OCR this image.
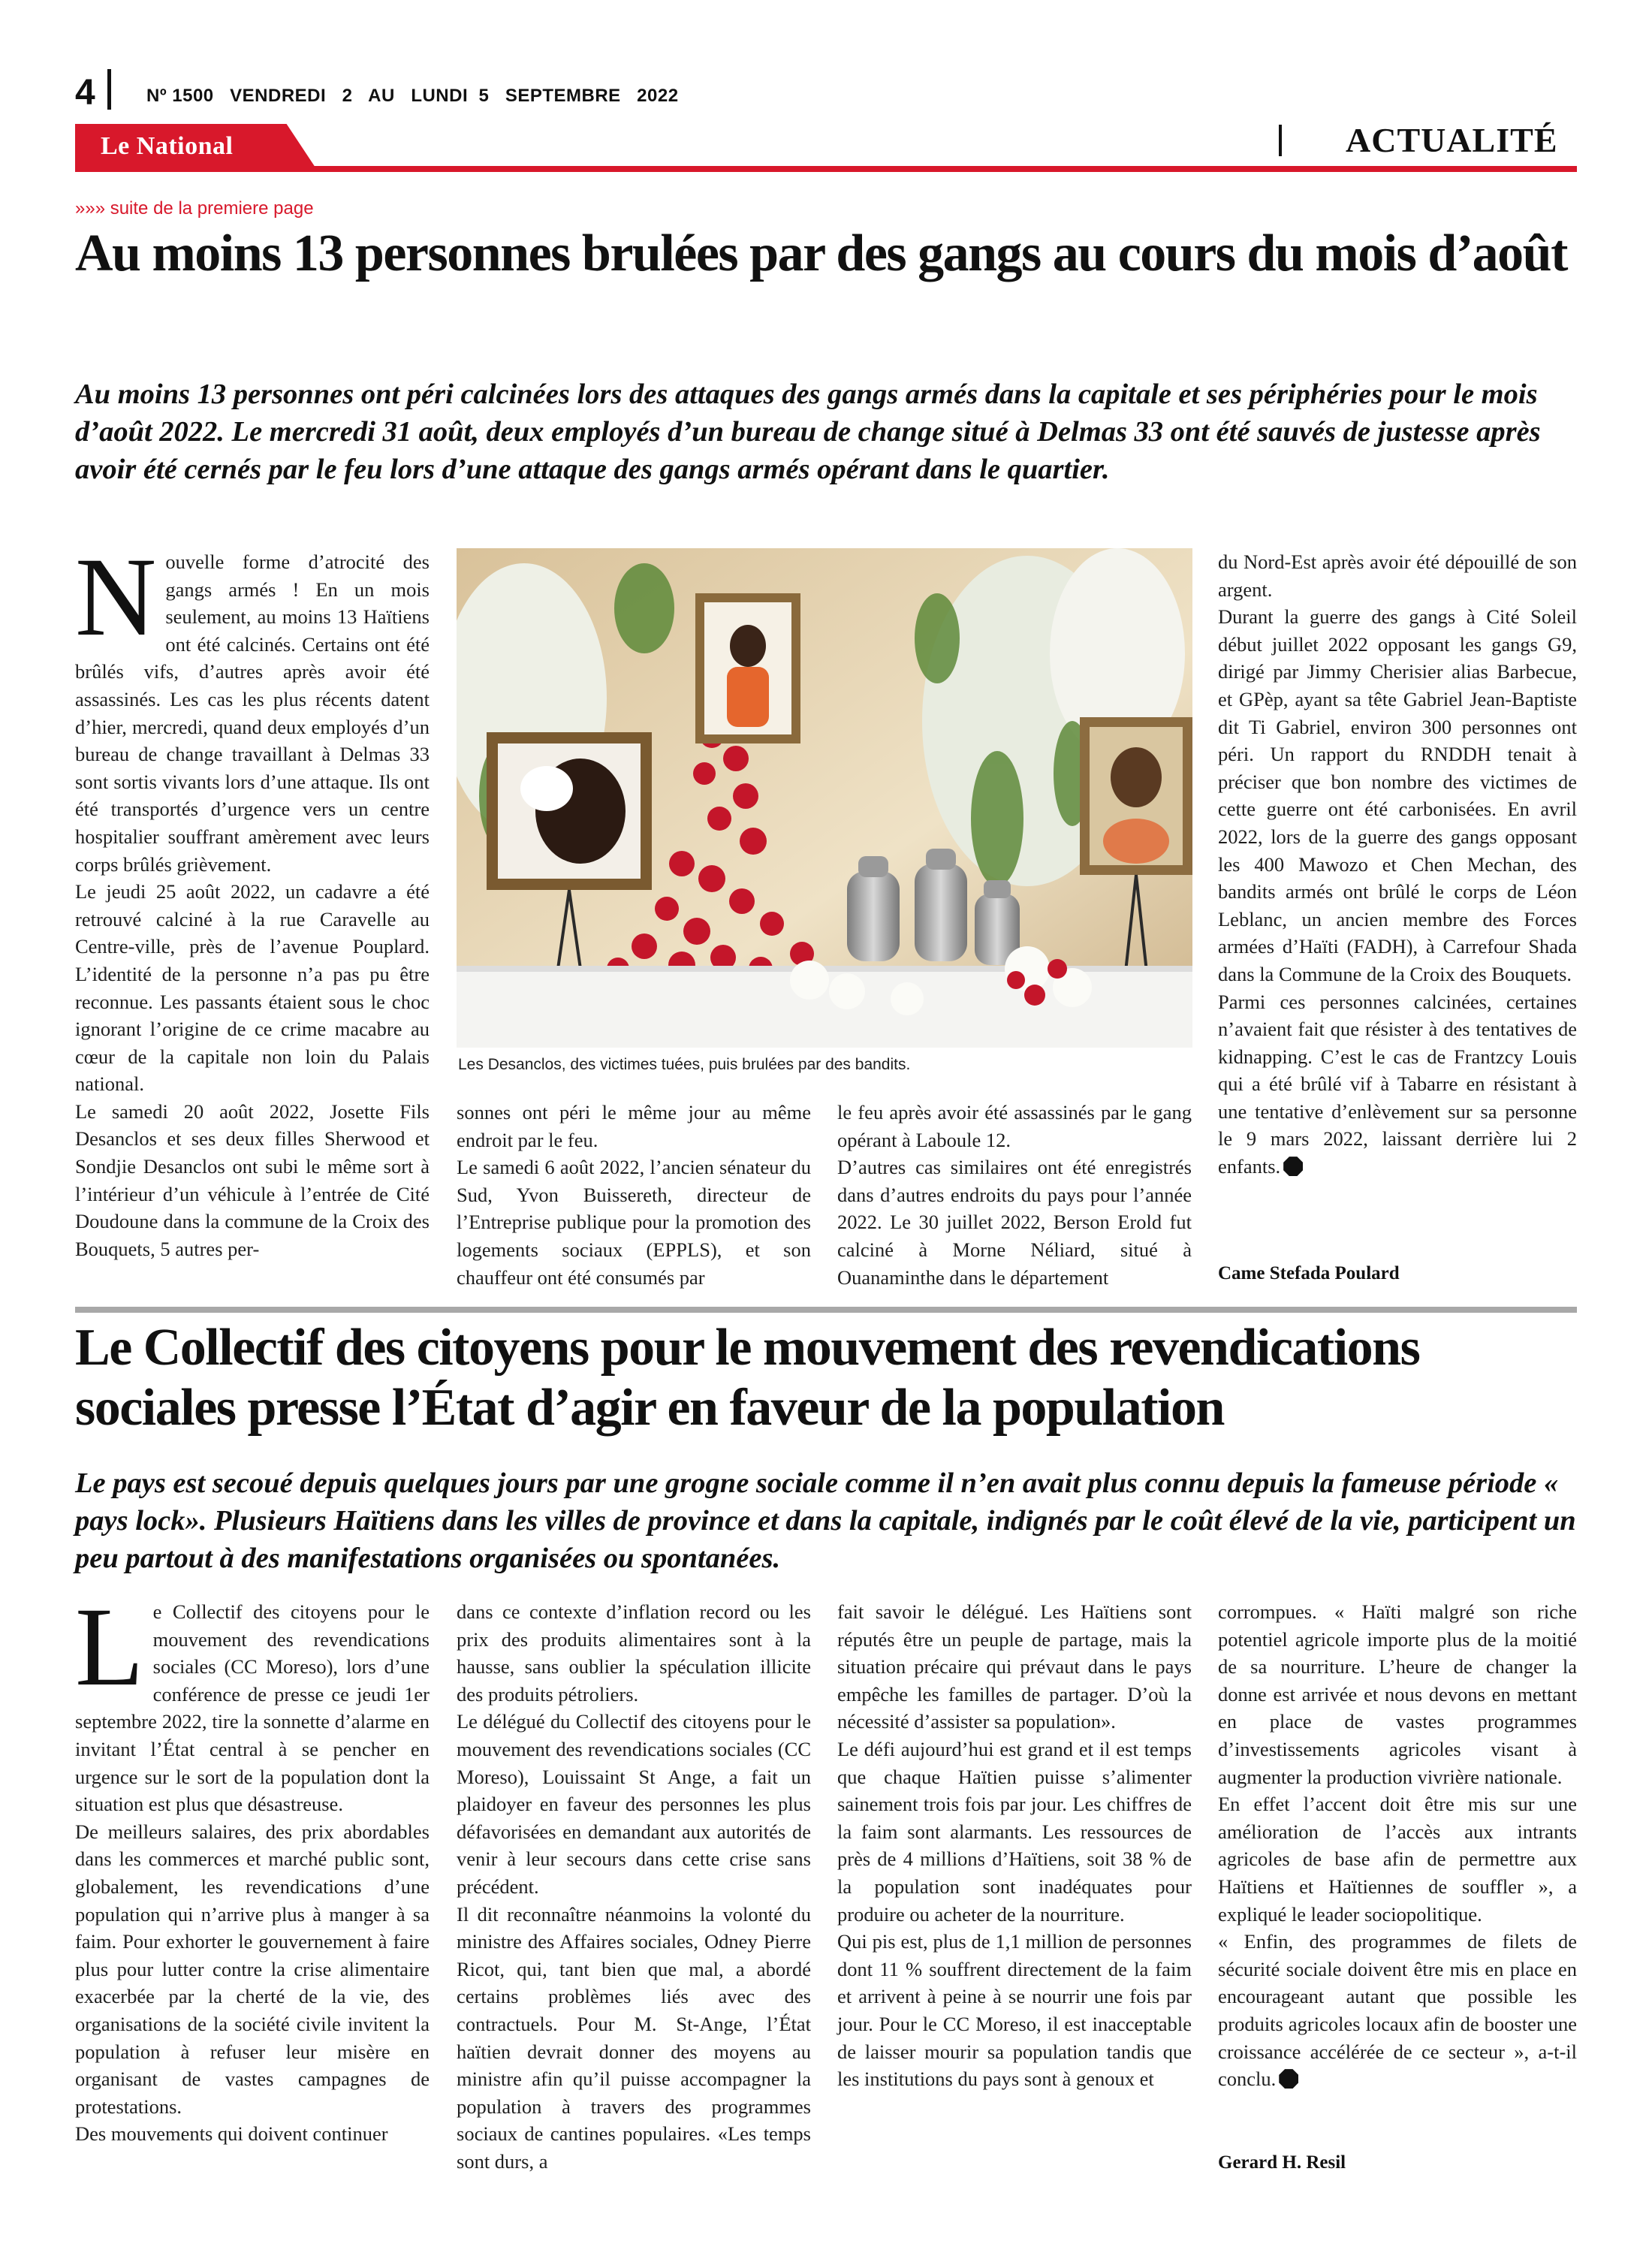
4	Nº 1500   VENDREDI   2   AU   LUNDI  5   SEPTEMBRE   2022
Le National	ACTUALITÉ
»»» suite de la premiere page
Au moins 13 personnes brulées par des gangs au cours du mois d’août
Au moins 13 personnes ont péri calcinées lors des attaques des gangs armés dans la capitale et ses périphéries pour le mois d’août 2022. Le mercredi 31 août, deux employés d’un bureau de change situé à Delmas 33 ont été sauvés de justesse après avoir été cernés par le feu lors d’une attaque des gangs armés opérant dans le quartier.
N ouvelle forme d’atrocité des gangs armés ! En un mois seulement, au moins 13 Haïtiens ont été calcinés. Certains ont été brûlés vifs, d’autres après avoir été assassinés. Les cas les plus récents datent d’hier, mercredi, quand deux employés d’un bureau de change travaillant à Delmas 33 sont sortis vivants lors d’une attaque. Ils ont été transportés d’urgence vers un centre hospitalier souffrant amèrement avec leurs corps brûlés grièvement.

Le jeudi 25 août 2022, un cadavre a été retrouvé calciné à la rue Caravelle au Centre-ville, près de l’avenue Pouplard. L’identité de la personne n’a pas pu être reconnue. Les passants étaient sous le choc ignorant l’origine de ce crime macabre au cœur de la capitale non loin du Palais national.

Le samedi 20 août 2022, Josette Fils Desanclos et ses deux filles Sherwood et Sondjie Desanclos ont subi le même sort à l’intérieur d’un véhicule à l’entrée de Cité Doudoune dans la commune de la Croix des Bouquets, 5 autres per-

Les Desanclos, des victimes tuées, puis brulées par des bandits.

sonnes ont péri le même jour au même endroit par le feu.

Le samedi 6 août 2022, l’ancien sénateur du Sud, Yvon Buissereth, directeur de l’Entreprise publique pour la promotion des logements sociaux (EPPLS), et son chauffeur ont été consumés par

le feu après avoir été assassinés par le gang opérant à Laboule 12.

D’autres cas similaires ont été enregistrés dans d’autres endroits du pays pour l’année 2022. Le 30 juillet 2022, Berson Erold fut calciné à Morne Néliard, situé à Ouanaminthe dans le département

du Nord-Est après avoir été dépouillé de son argent.

Durant la guerre des gangs à Cité Soleil début juillet 2022 opposant les gangs G9, dirigé par Jimmy Cherisier alias Barbecue, et GPèp, ayant sa tête Gabriel Jean-Baptiste dit Ti Gabriel, environ 300 personnes ont péri. Un rapport du RNDDH tenait à préciser que bon nombre des victimes de cette guerre ont été carbonisées. En avril 2022, lors de la guerre des gangs opposant les 400 Mawozo et Chen Mechan, des bandits armés ont brûlé le corps de Léon Leblanc, un ancien membre des Forces armées d’Haïti (FADH), à Carrefour Shada dans la Commune de la Croix des Bouquets.

Parmi ces personnes calcinées, certaines n’avaient fait que résister à des tentatives de kidnapping. C’est le cas de Frantzcy Louis qui a été brûlé vif à Tabarre en résistant à une tentative d’enlèvement sur sa personne le 9 mars 2022, laissant derrière lui 2 enfants.

Came Stefada Poulard
Le Collectif des citoyens pour le mouvement des revendications sociales presse l’État d’agir en faveur de la population
Le pays est secoué depuis quelques jours par une grogne sociale comme il n’en avait plus connu depuis la fameuse période « pays lock». Plusieurs Haïtiens dans les villes de province et dans la capitale, indignés par le coût élevé de la vie, participent un peu partout à des manifestations organisées ou spontanées.
L e Collectif des citoyens pour le mouvement des revendications sociales (CC Moreso), lors d’une conférence de presse ce jeudi 1er septembre 2022, tire la sonnette d’alarme en invitant l’État central à se pencher en urgence sur le sort de la population dont la situation est plus que désastreuse.

De meilleurs salaires, des prix abordables dans les commerces et marché public sont, globalement, les revendications d’une population qui n’arrive plus à manger à sa faim. Pour exhorter le gouvernement à faire plus pour lutter contre la crise alimentaire exacerbée par la cherté de la vie, des organisations de la société civile invitent la population à refuser leur misère en organisant de vastes campagnes de protestations.

Des mouvements qui doivent continuer

dans ce contexte d’inflation record ou les prix des produits alimentaires sont à la hausse, sans oublier la spéculation illicite des produits pétroliers.

Le délégué du Collectif des citoyens pour le mouvement des revendications sociales (CC Moreso), Louissaint St Ange, a fait un plaidoyer en faveur des personnes les plus défavorisées en demandant aux autorités de venir à leur secours dans cette crise sans précédent.

Il dit reconnaître néanmoins la volonté du ministre des Affaires sociales, Odney Pierre Ricot, qui, tant bien que mal, a abordé certains problèmes liés avec des contractuels. Pour M. St-Ange, l’État haïtien devrait donner des moyens au ministre afin qu’il puisse accompagner la population à travers des programmes sociaux de cantines populaires. «Les temps sont durs, a

fait savoir le délégué. Les Haïtiens sont réputés être un peuple de partage, mais la situation précaire qui prévaut dans le pays empêche les familles de partager. D’où la nécessité d’assister sa population».

Le défi aujourd’hui est grand et il est temps que chaque Haïtien puisse s’alimenter sainement trois fois par jour. Les chiffres de la faim sont alarmants. Les ressources de près de 4 millions d’Haïtiens, soit 38 % de la population sont inadéquates pour produire ou acheter de la nourriture.

Qui pis est, plus de 1,1 million de personnes dont 11 % souffrent directement de la faim et arrivent à peine à se nourrir une fois par jour. Pour le CC Moreso, il est inacceptable de laisser mourir sa population tandis que les institutions du pays sont à genoux et

corrompues. « Haïti malgré son riche potentiel agricole importe plus de la moitié de sa nourriture. L’heure de changer la donne est arrivée et nous devons en mettant en place de vastes programmes d’investissements agricoles visant à augmenter la production vivrière nationale.

En effet l’accent doit être mis sur une amélioration de l’accès aux intrants agricoles de base afin de permettre aux Haïtiens et Haïtiennes de souffler », a expliqué le leader sociopolitique.

« Enfin, des programmes de filets de sécurité sociale doivent être mis en place en encourageant autant que possible les produits agricoles locaux afin de booster une croissance accélérée de ce secteur », a-t-il conclu.

Gerard H. Resil
